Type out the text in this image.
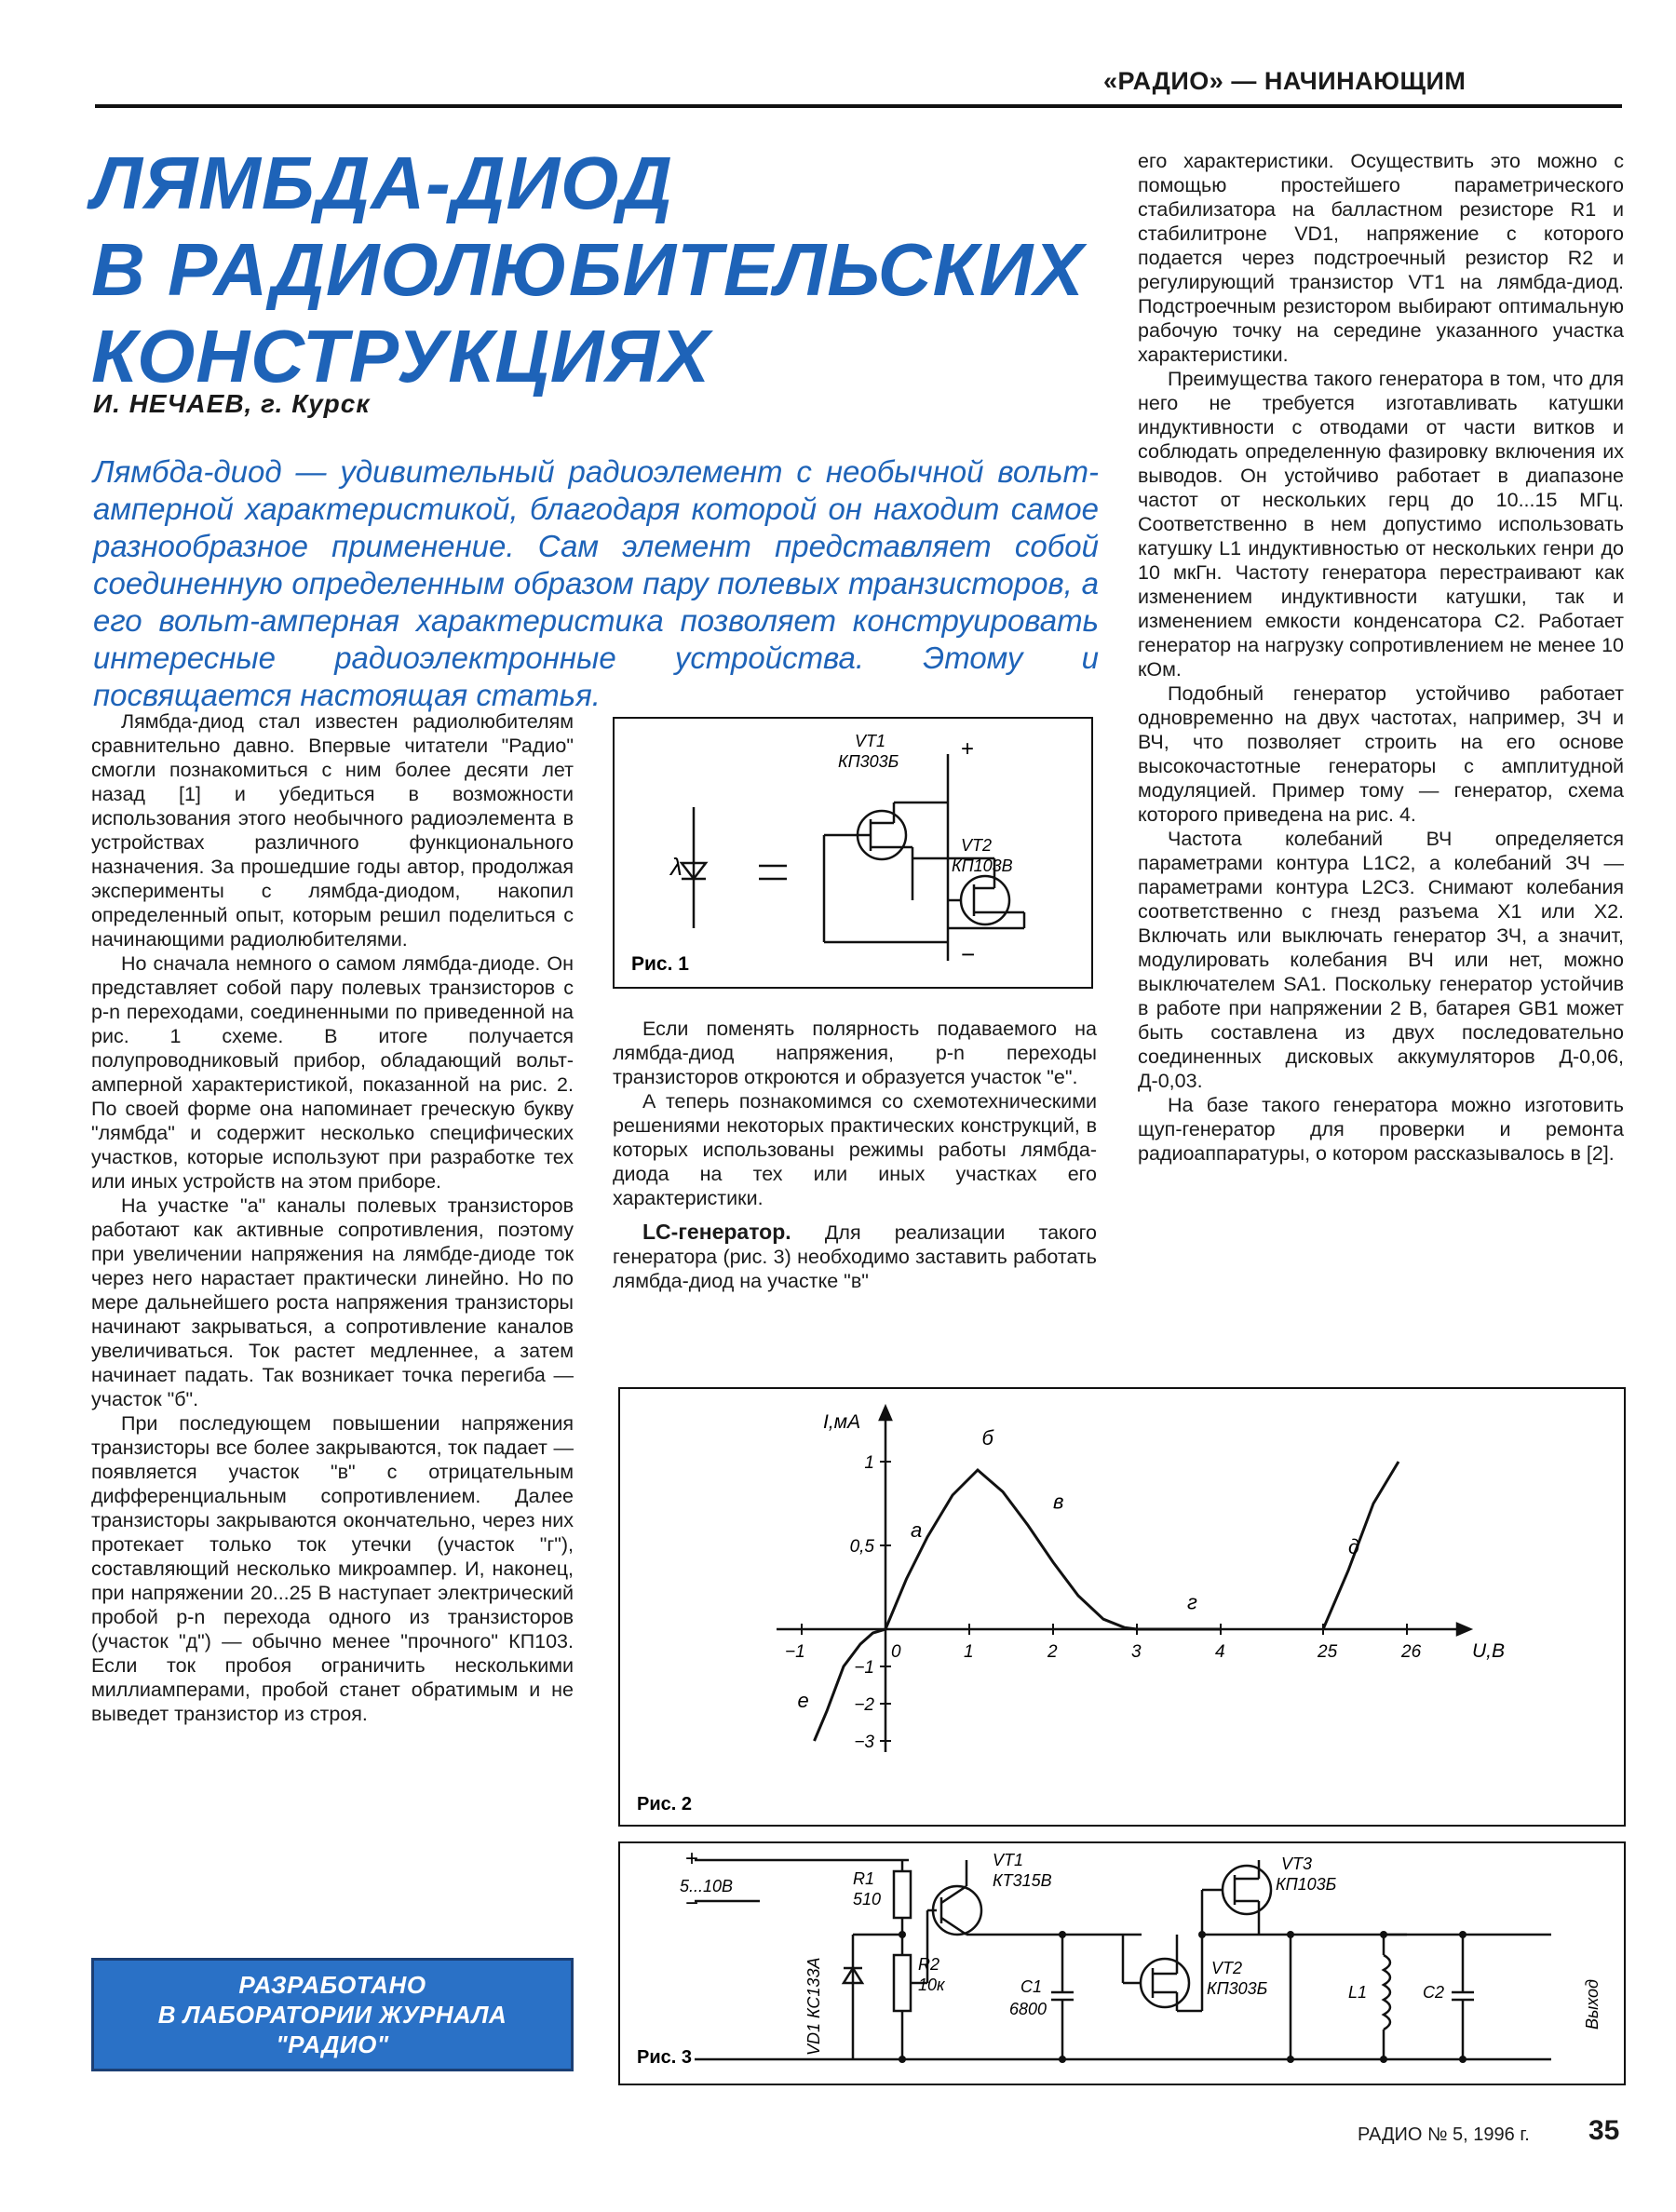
«РАДИО» — НАЧИНАЮЩИМ
ЛЯМБДА-ДИОД
В РАДИОЛЮБИТЕЛЬСКИХ
КОНСТРУКЦИЯХ
И. НЕЧАЕВ, г. Курск
Лямбда-диод — удивительный радиоэлемент с необычной вольт-амперной характеристикой, благодаря которой он находит самое разнообразное применение. Сам элемент представляет собой соединенную определенным образом пару полевых транзисторов, а его вольт-амперная характеристика позволяет конструировать интересные радиоэлектронные устройства. Этому и посвящается настоящая статья.

Лямбда-диод стал известен радиолюбителям сравнительно давно. Впервые читатели "Радио" смогли познакомиться с ним более десяти лет назад [1] и убедиться в возможности использования этого необычного радиоэлемента в устройствах различного функционального назначения. За прошедшие годы автор, продолжая эксперименты с лямбда-диодом, накопил определенный опыт, которым решил поделиться с начинающими радиолюбителями.

Но сначала немного о самом лямбда-диоде. Он представляет собой пару полевых транзисторов с p-n переходами, соединенными по приведенной на рис. 1 схеме. В итоге получается полупроводниковый прибор, обладающий вольт-амперной характеристикой, показанной на рис. 2. По своей форме она напоминает греческую букву "лямбда" и содержит несколько специфических участков, которые используют при разработке тех или иных устройств на этом приборе.

На участке "а" каналы полевых транзисторов работают как активные сопротивления, поэтому при увеличении напряжения на лямбде-диоде ток через него нарастает практически линейно. Но по мере дальнейшего роста напряжения транзисторы начинают закрываться, а сопротивление каналов увеличиваться. Ток растет медленнее, а затем начинает падать. Так возникает точка перегиба — участок "б".

При последующем повышении напряжения транзисторы все более закрываются, ток падает — появляется участок "в" с отрицательным дифференциальным сопротивлением. Далее транзисторы закрываются окончательно, через них протекает только ток утечки (участок "г"), составляющий несколько микроампер. И, наконец, при напряжении 20...25 В наступает электрический пробой p-n перехода одного из транзисторов (участок "д") — обычно менее "прочного" КП103. Если ток пробоя ограничить несколькими миллиамперами, пробой станет обратимым и не выведет транзистор из строя.

λ
VT1
КП303Б	+
VT2
КП103В
−
Рис. 1

Если поменять полярность подаваемого на лямбда-диод напряжения, p-n переходы транзисторов откроются и образуется участок "е".

А теперь познакомимся со схемотехническими решениями некоторых практических конструкций, в которых использованы режимы работы лямбда-диода на тех или иных участках его характеристики.

LC-генератор. Для реализации такого генератора (рис. 3) необходимо заставить работать лямбда-диод на участке "в"

его характеристики. Осуществить это можно с помощью простейшего параметрического стабилизатора на балластном резисторе R1 и стабилитроне VD1, напряжение с которого подается через подстроечный резистор R2 и регулирующий транзистор VT1 на лямбда-диод. Подстроечным резистором выбирают оптимальную рабочую точку на середине указанного участка характеристики.

Преимущества такого генератора в том, что для него не требуется изготавливать катушки индуктивности с отводами от части витков и соблюдать определенную фазировку включения их выводов. Он устойчиво работает в диапазоне частот от нескольких герц до 10...15 МГц. Соответственно в нем допустимо использовать катушку L1 индуктивностью от нескольких генри до 10 мкГн. Частоту генератора перестраивают как изменением индуктивности катушки, так и изменением емкости конденсатора C2. Работает генератор на нагрузку сопротивлением не менее 10 кОм.

Подобный генератор устойчиво работает одновременно на двух частотах, например, ЗЧ и ВЧ, что позволяет строить на его основе высокочастотные генераторы с амплитудной модуляцией. Пример тому — генератор, схема которого приведена на рис. 4.

Частота колебаний ВЧ определяется параметрами контура L1C2, а колебаний ЗЧ — параметрами контура L2C3. Снимают колебания соответственно с гнезд разъема X1 или X2. Включать или выключать генератор ЗЧ, а значит, модулировать колебания ВЧ или нет, можно выключателем SA1. Поскольку генератор устойчив в работе при напряжении 2 В, батарея GB1 может быть составлена из двух последовательно соединенных дисковых аккумуляторов Д-0,06, Д-0,03.

На базе такого генератора можно изготовить щуп-генератор для проверки и ремонта радиоаппаратуры, о котором рассказывалось в [2].

−1	0	1	2	3	4	25	26
1
0,5
−1
−2
−3
а
б
в
г
д
е
I,мА
U,В
Рис. 2
+
−
5...10В	R1
510
R2
10к
VD1 КС133А
VT1
КТ315В
C1
6800
VT2
КП303Б
VT3
КП103Б
L1	C2	Выход
Рис. 3
РАЗРАБОТАНО
В ЛАБОРАТОРИИ ЖУРНАЛА
"РАДИО"
РАДИО № 5, 1996 г. 35
